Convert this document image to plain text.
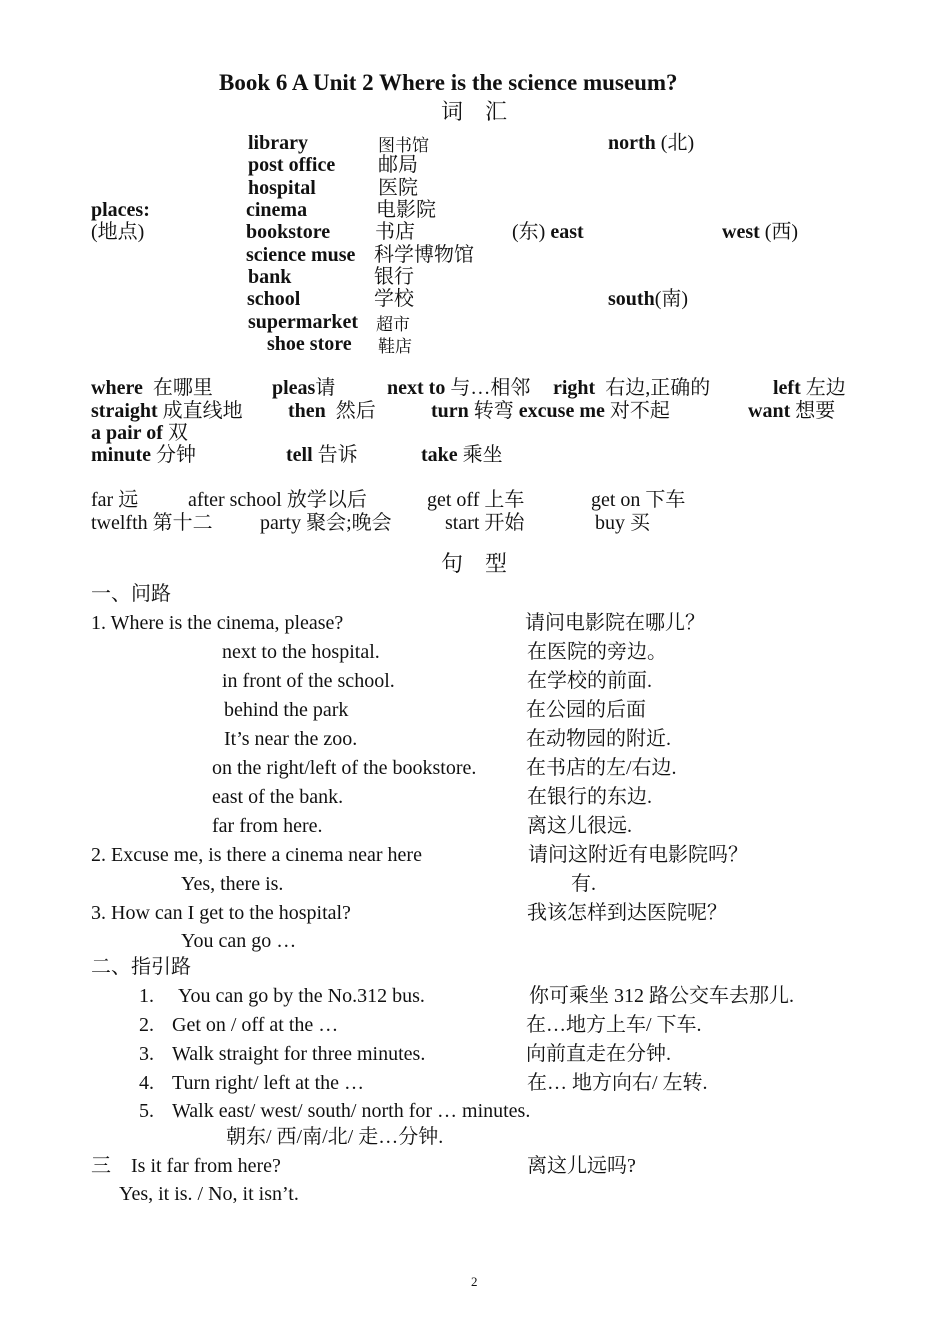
Book 6 A Unit 2 Where is the science museum?
词　汇
places:
(地点)
library	图书馆
post office 邮局
hospital	医院
cinema	电影院
bookstore 书店
science muse 科学博物馆
bank	银行
school	学校
supermarket 超市
shoe store 鞋店
north (北)
(东) east	west (西)
south(南)
where 在哪里	pleas请	next to 与…相邻 right 右边,正确的	left 左边
straight 成直线地 then 然后	turn 转弯 excuse me 对不起	want 想要
a pair of 双
minute 分钟	tell 告诉	take 乘坐
far 远 after school 放学以后	get off 上车	get on 下车
twelfth 第十二 party 聚会;晚会	start 开始	buy 买
句　型
一、问路
1. Where is the cinema, please?	请问电影院在哪儿？
next to the hospital.	在医院的旁边。
in front of the school.	在学校的前面.
behind the park	在公园的后面
It’s near the zoo.	在动物园的附近.
on the right/left of the bookstore. 在书店的左/右边.
east of the bank.	在银行的东边.
far from here.	离这儿很远.
2. Excuse me, is there a cinema near here	请问这附近有电影院吗？
Yes, there is.	有.
3. How can I get to the hospital?	我该怎样到达医院呢？
You can go …
二、指引路
1. You can go by the No.312 bus.	你可乘坐 312 路公交车去那儿.
2. Get on / off at the …	在…地方上车/ 下车.
3. Walk straight for three minutes.	向前直走在分钟.
4. Turn right/ left at the …	在… 地方向右/ 左转.
5. Walk east/ west/ south/ north for … minutes.
朝东/ 西/南/北/ 走…分钟.
三　Is it far from here?	离这儿远吗?
Yes, it is. / No, it isn’t.
2
